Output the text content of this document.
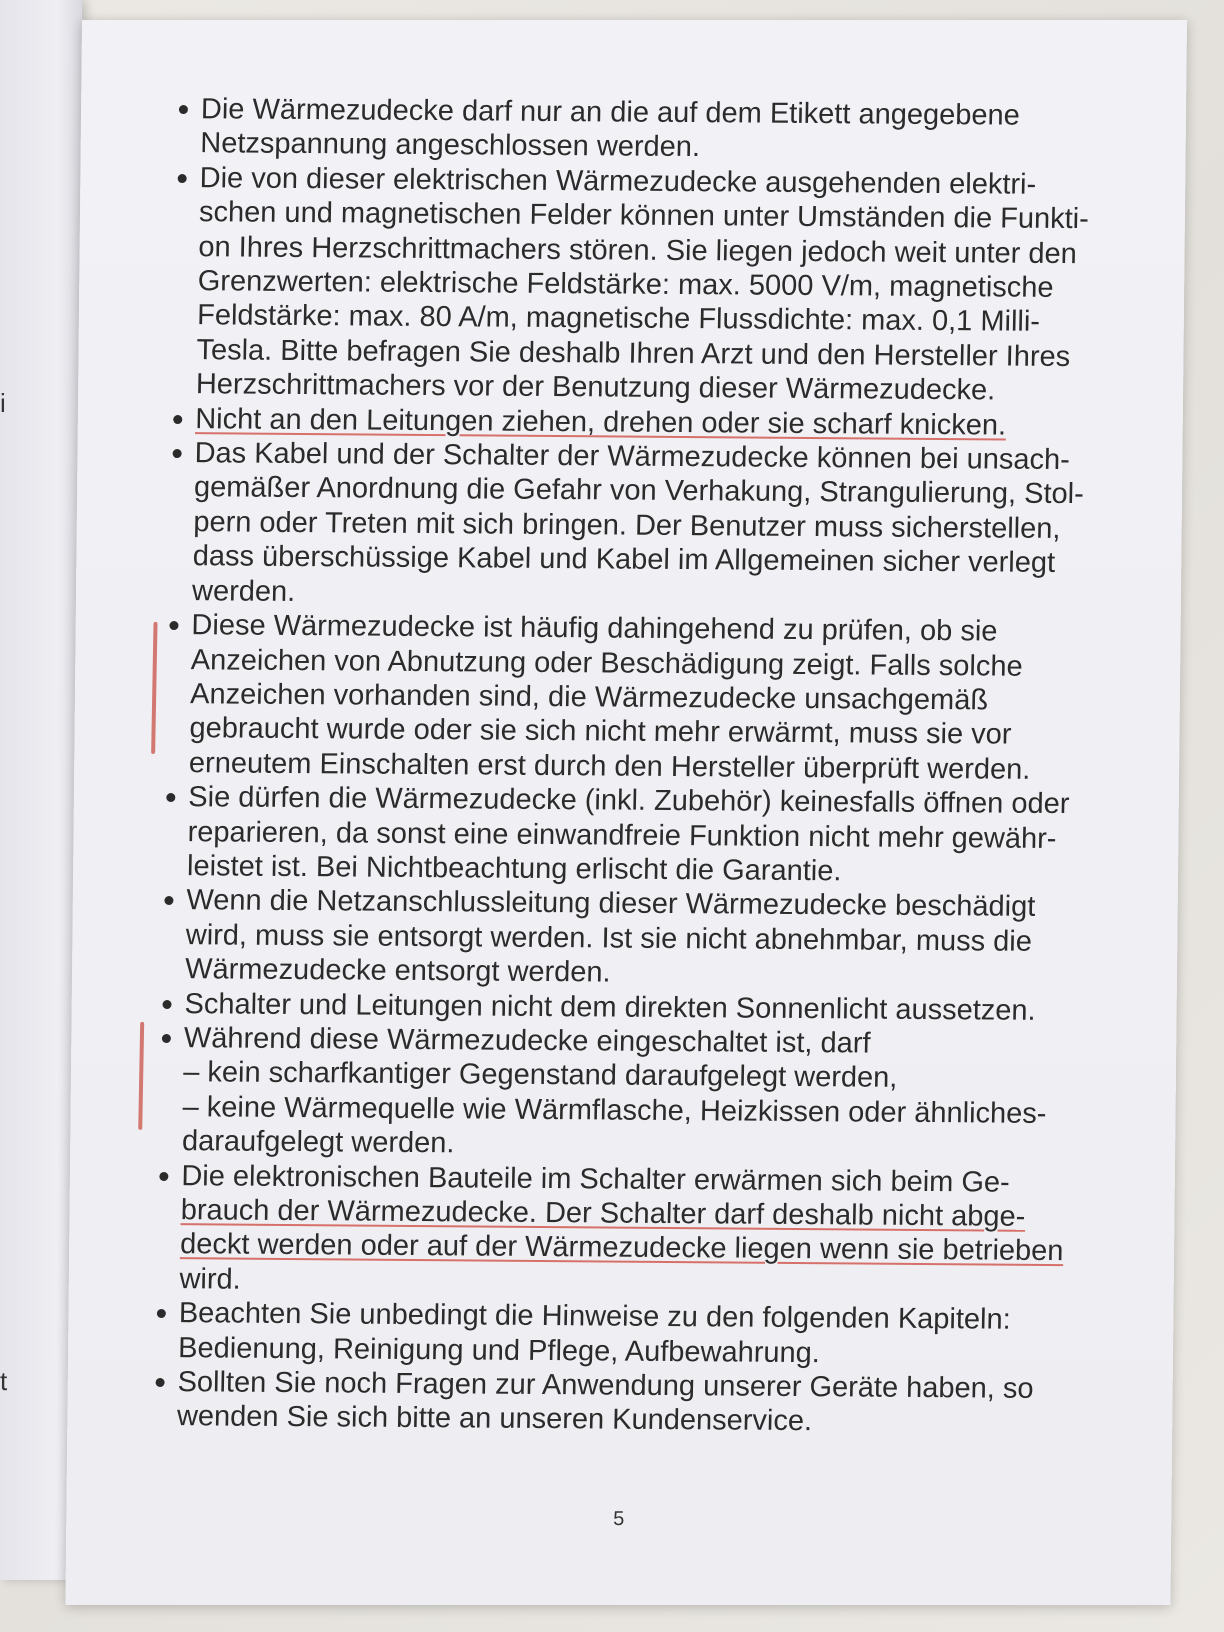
i
t
Die Wärmezudecke darf nur an die auf dem Etikett angegebene
Netzspannung angeschlossen werden.
Die von dieser elektrischen Wärmezudecke ausgehenden elektri-
schen und magnetischen Felder können unter Umständen die Funkti-
on Ihres Herzschrittmachers stören. Sie liegen jedoch weit unter den
Grenzwerten: elektrische Feldstärke: max. 5000 V/m, magnetische
Feldstärke: max. 80 A/m, magnetische Flussdichte: max. 0,1 Milli-
Tesla. Bitte befragen Sie deshalb Ihren Arzt und den Hersteller Ihres
Herzschrittmachers vor der Benutzung dieser Wärmezudecke.
Nicht an den Leitungen ziehen, drehen oder sie scharf knicken.
Das Kabel und der Schalter der Wärmezudecke können bei unsach-
gemäßer Anordnung die Gefahr von Verhakung, Strangulierung, Stol-
pern oder Treten mit sich bringen. Der Benutzer muss sicherstellen,
dass überschüssige Kabel und Kabel im Allgemeinen sicher verlegt
werden.
Diese Wärmezudecke ist häufig dahingehend zu prüfen, ob sie
Anzeichen von Abnutzung oder Beschädigung zeigt. Falls solche
Anzeichen vorhanden sind, die Wärmezudecke unsachgemäß
gebraucht wurde oder sie sich nicht mehr erwärmt, muss sie vor
erneutem Einschalten erst durch den Hersteller überprüft werden.
Sie dürfen die Wärmezudecke (inkl. Zubehör) keinesfalls öffnen oder
reparieren, da sonst eine einwandfreie Funktion nicht mehr gewähr-
leistet ist. Bei Nichtbeachtung erlischt die Garantie.
Wenn die Netzanschlussleitung dieser Wärmezudecke beschädigt
wird, muss sie entsorgt werden. Ist sie nicht abnehmbar, muss die
Wärmezudecke entsorgt werden.
Schalter und Leitungen nicht dem direkten Sonnenlicht aussetzen.
Während diese Wärmezudecke eingeschaltet ist, darf
– kein scharfkantiger Gegenstand daraufgelegt werden,
– keine Wärmequelle wie Wärmflasche, Heizkissen oder ähnliches-
daraufgelegt werden.
Die elektronischen Bauteile im Schalter erwärmen sich beim Ge-
brauch der Wärmezudecke. Der Schalter darf deshalb nicht abge-
deckt werden oder auf der Wärmezudecke liegen wenn sie betrieben
wird.
Beachten Sie unbedingt die Hinweise zu den folgenden Kapiteln:
Bedienung, Reinigung und Pflege, Aufbewahrung.
Sollten Sie noch Fragen zur Anwendung unserer Geräte haben, so
wenden Sie sich bitte an unseren Kundenservice.
5
